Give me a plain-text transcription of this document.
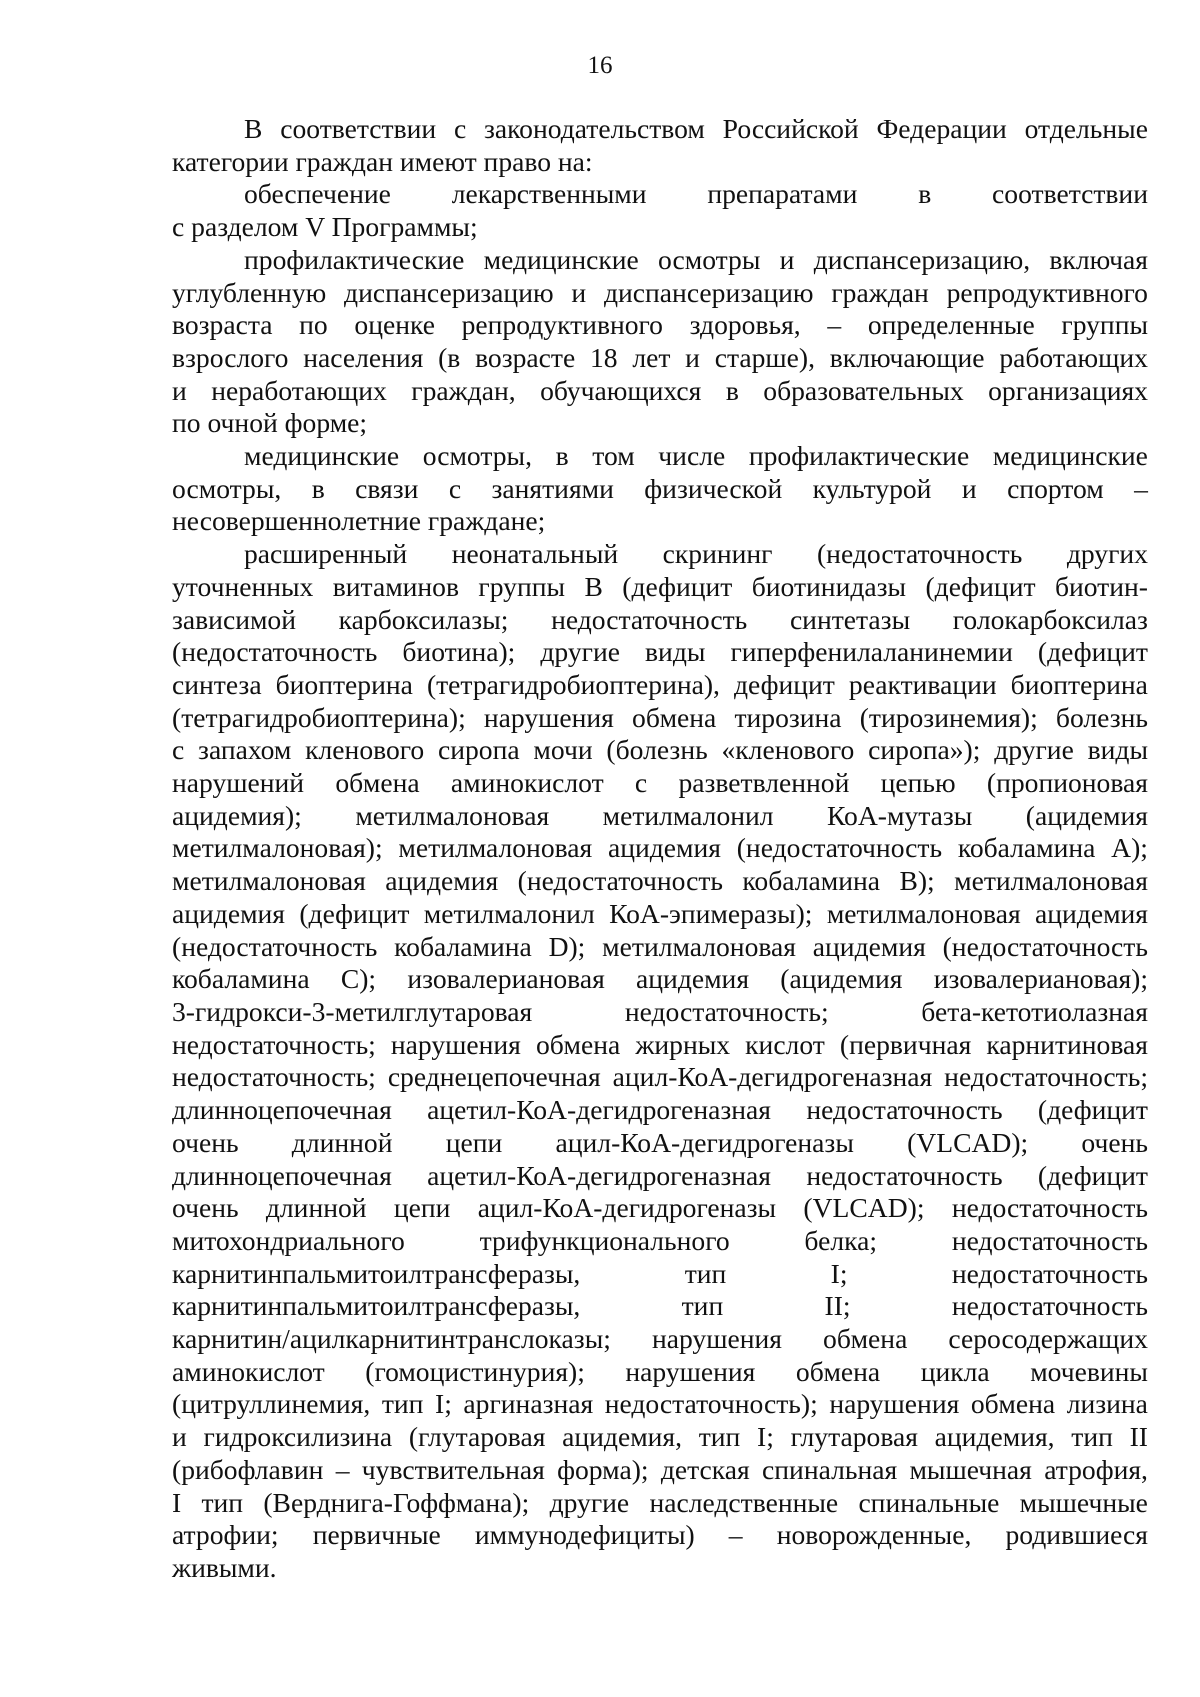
16
В соответствии с законодательством Российской Федерации отдельные
категории граждан имеют право на:
обеспечение лекарственными препаратами в соответствии
с разделом V Программы;
профилактические медицинские осмотры и диспансеризацию, включая
углубленную диспансеризацию и диспансеризацию граждан репродуктивного
возраста по оценке репродуктивного здоровья, – определенные группы
взрослого населения (в возрасте 18 лет и старше), включающие работающих
и неработающих граждан, обучающихся в образовательных организациях
по очной форме;
медицинские осмотры, в том числе профилактические медицинские
осмотры, в связи с занятиями физической культурой и спортом –
несовершеннолетние граждане;
расширенный неонатальный скрининг (недостаточность других
уточненных витаминов группы B (дефицит биотинидазы (дефицит биотин-
зависимой карбоксилазы; недостаточность синтетазы голокарбоксилаз
(недостаточность биотина); другие виды гиперфенилаланинемии (дефицит
синтеза биоптерина (тетрагидробиоптерина), дефицит реактивации биоптерина
(тетрагидробиоптерина); нарушения обмена тирозина (тирозинемия); болезнь
с запахом кленового сиропа мочи (болезнь «кленового сиропа»); другие виды
нарушений обмена аминокислот с разветвленной цепью (пропионовая
ацидемия); метилмалоновая метилмалонил КоА-мутазы (ацидемия
метилмалоновая); метилмалоновая ацидемия (недостаточность кобаламина A);
метилмалоновая ацидемия (недостаточность кобаламина B); метилмалоновая
ацидемия (дефицит метилмалонил КоА-эпимеразы); метилмалоновая ацидемия
(недостаточность кобаламина D); метилмалоновая ацидемия (недостаточность
кобаламина C); изовалериановая ацидемия (ацидемия изовалериановая);
3-гидрокси-3-метилглутаровая	недостаточность;	бета-кетотиолазная
недостаточность; нарушения обмена жирных кислот (первичная карнитиновая
недостаточность; среднецепочечная ацил-КоА-дегидрогеназная недостаточность;
длинноцепочечная ацетил-КоА-дегидрогеназная недостаточность (дефицит
очень длинной цепи ацил-КоА-дегидрогеназы (VLCAD); очень
длинноцепочечная ацетил-КоА-дегидрогеназная недостаточность (дефицит
очень длинной цепи ацил-КоА-дегидрогеназы (VLCAD); недостаточность
митохондриального	трифункционального	белка;	недостаточность
карнитинпальмитоилтрансферазы,	тип	I;	недостаточность
карнитинпальмитоилтрансферазы,	тип	II;	недостаточность
карнитин/ацилкарнитинтранслоказы; нарушения обмена серосодержащих
аминокислот (гомоцистинурия); нарушения обмена цикла мочевины
(цитруллинемия, тип I; аргиназная недостаточность); нарушения обмена лизина
и гидроксилизина (глутаровая ацидемия, тип I; глутаровая ацидемия, тип II
(рибофлавин – чувствительная форма); детская спинальная мышечная атрофия,
I тип (Верднига-Гоффмана); другие наследственные спинальные мышечные
атрофии; первичные иммунодефициты) – новорожденные, родившиеся
живыми.
